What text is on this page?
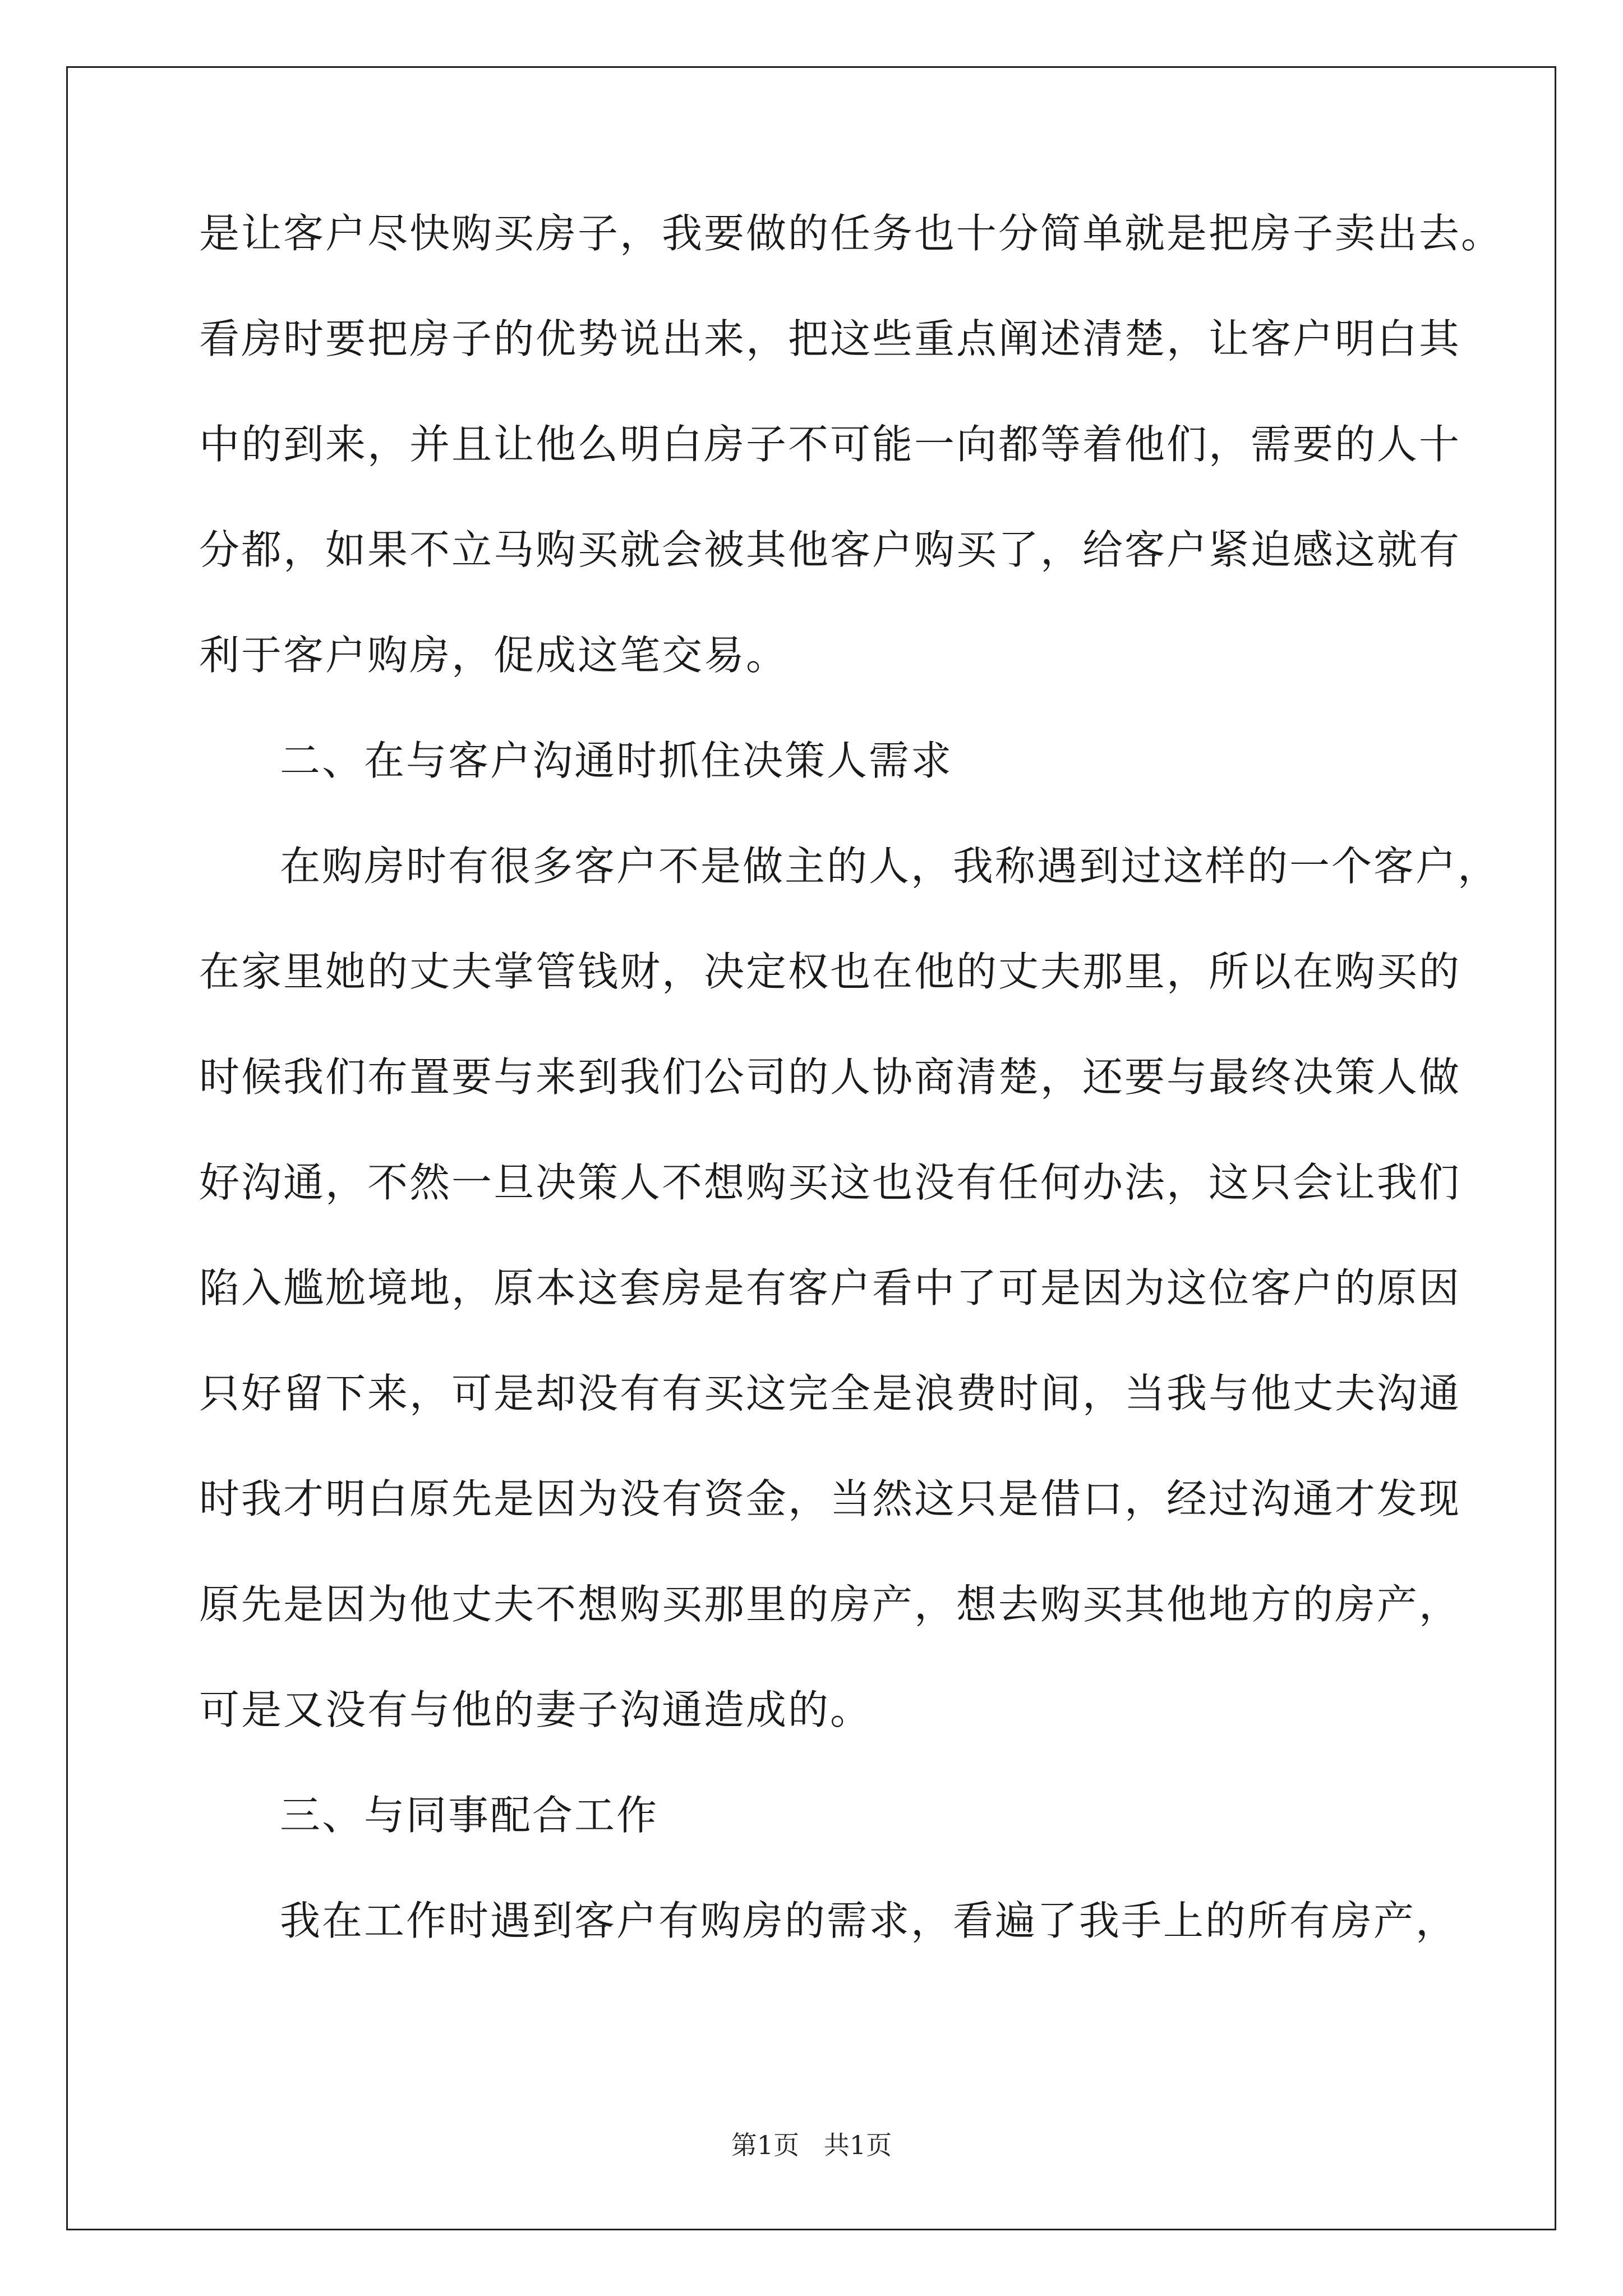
是让客户尽快购买房子，我要做的任务也十分简单就是把房子卖出去。
看房时要把房子的优势说出来，把这些重点阐述清楚，让客户明白其
中的到来，并且让他么明白房子不可能一向都等着他们，需要的人十
分都，如果不立马购买就会被其他客户购买了，给客户紧迫感这就有
利于客户购房，促成这笔交易。
二、在与客户沟通时抓住决策人需求
在购房时有很多客户不是做主的人，我称遇到过这样的一个客户，
在家里她的丈夫掌管钱财，决定权也在他的丈夫那里，所以在购买的
时候我们布置要与来到我们公司的人协商清楚，还要与最终决策人做
好沟通，不然一旦决策人不想购买这也没有任何办法，这只会让我们
陷入尴尬境地，原本这套房是有客户看中了可是因为这位客户的原因
只好留下来，可是却没有有买这完全是浪费时间，当我与他丈夫沟通
时我才明白原先是因为没有资金，当然这只是借口，经过沟通才发现
原先是因为他丈夫不想购买那里的房产，想去购买其他地方的房产，
可是又没有与他的妻子沟通造成的。
三、与同事配合工作
我在工作时遇到客户有购房的需求，看遍了我手上的所有房产，
第1页   共1页
